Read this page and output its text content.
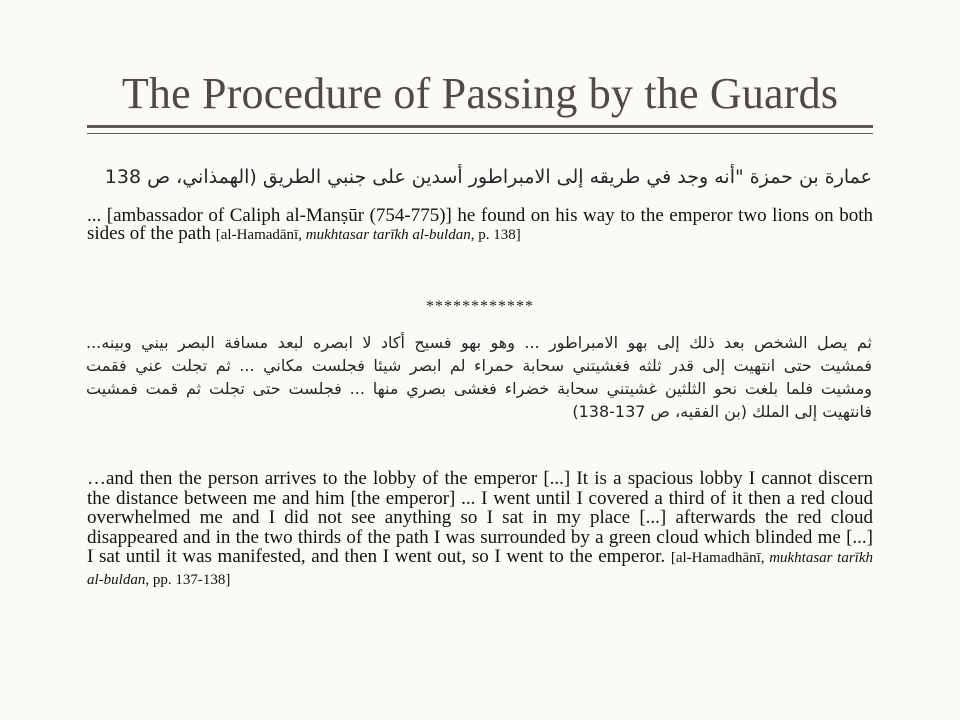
The Procedure of Passing by the Guards
عمارة بن حمزة "أنه وجد في طريقه إلى الامبراطور أسدين على جنبي الطريق (الهمذاني، ص 138
... [ambassador of Caliph al-Manṣūr (754-775)] he found on his way to the emperor two lions on both sides of the path [al-Hamadānī, mukhtasar tarīkh al-buldan, p. 138]
************
ثم يصل الشخص بعد ذلك إلى بهو الامبراطور ... وهو بهو فسيح أكاد لا ابصره لبعد مسافة البصر بيني وبينه...
فمشيت حتى انتهيت إلى قدر ثلثه فغشيتني سحابة حمراء لم ابصر شيئا فجلست مكاني ... ثم تجلت عني فقمت
ومشيت فلما بلغت نحو الثلثين غشيتني سحابة خضراء فغشى بصري منها ... فجلست حتى تجلت ثم قمت فمشيت
فانتهيت إلى الملك (بن الفقيه، ص 137-138)
…and then the person arrives to the lobby of the emperor [...] It is a spacious lobby I cannot discern the distance between me and him [the emperor] ... I went until I covered a third of it then a red cloud overwhelmed me and I did not see anything so I sat in my place [...] afterwards the red cloud disappeared and in the two thirds of the path I was surrounded by a green cloud which blinded me [...] I sat until it was manifested, and then I went out, so I went to the emperor. [al-Hamadhānī, mukhtasar tarīkh al-buldan, pp. 137-138]
